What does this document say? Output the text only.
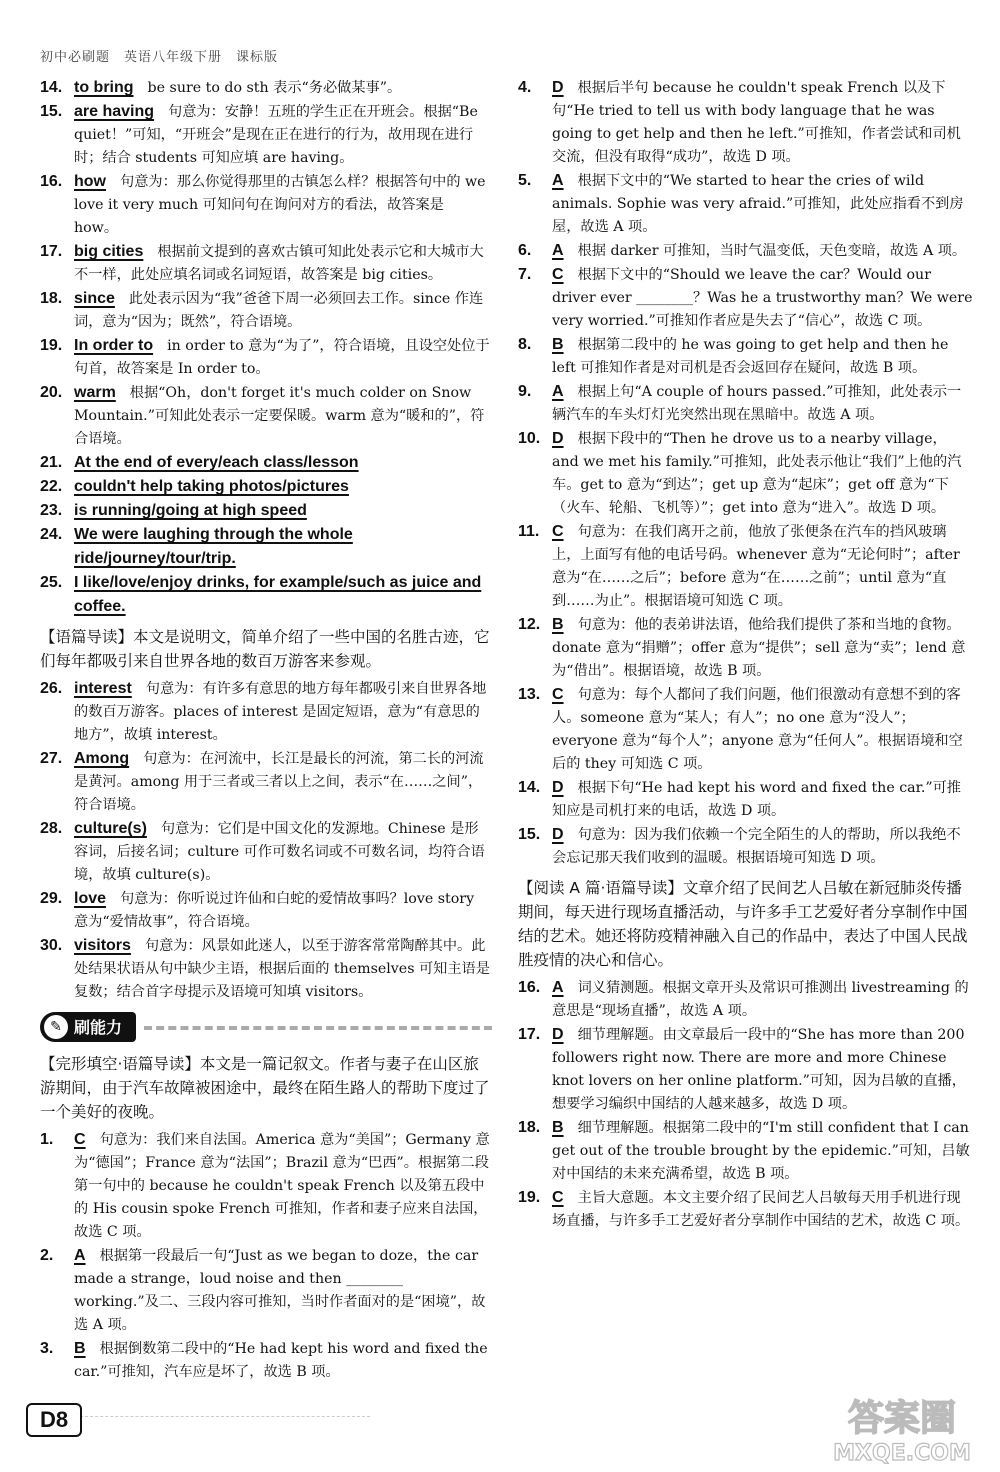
初中必刷题　英语八年级下册　课标版
14. to bring be sure to do sth 表示“务必做某事”。
15. are having 句意为：安静！五班的学生正在开班会。根据“Be quiet！”可知，“开班会”是现在正在进行的行为，故用现在进行时；结合 students 可知应填 are having。
16. how 句意为：那么你觉得那里的古镇怎么样？根据答句中的 we love it very much 可知问句在询问对方的看法，故答案是 how。
17. big cities 根据前文提到的喜欢古镇可知此处表示它和大城市大不一样，此处应填名词或名词短语，故答案是 big cities。
18. since 此处表示因为“我”爸爸下周一必须回去工作。since 作连词，意为“因为；既然”，符合语境。
19. In order to in order to 意为“为了”，符合语境，且设空处位于句首，故答案是 In order to。
20. warm 根据“Oh，don't forget it's much colder on Snow Mountain.”可知此处表示一定要保暖。warm 意为“暖和的”，符合语境。
21. At the end of every/each class/lesson
22. couldn't help taking photos/pictures
23. is running/going at high speed
24. We were laughing through the whole ride/journey/tour/trip.
25. I like/love/enjoy drinks, for example/such as juice and coffee.
【语篇导读】本文是说明文，简单介绍了一些中国的名胜古迹，它们每年都吸引来自世界各地的数百万游客来参观。
26. interest 句意为：有许多有意思的地方每年都吸引来自世界各地的数百万游客。places of interest 是固定短语，意为“有意思的地方”，故填 interest。
27. Among 句意为：在河流中，长江是最长的河流，第二长的河流是黄河。among 用于三者或三者以上之间，表示“在……之间”，符合语境。
28. culture(s) 句意为：它们是中国文化的发源地。Chinese 是形容词，后接名词；culture 可作可数名词或不可数名词，均符合语境，故填 culture(s)。
29. love 句意为：你听说过许仙和白蛇的爱情故事吗？love story 意为“爱情故事”，符合语境。
30. visitors 句意为：风景如此迷人，以至于游客常常陶醉其中。此处结果状语从句中缺少主语，根据后面的 themselves 可知主语是复数；结合首字母提示及语境可知填 visitors。
✎ 刷能力
【完形填空·语篇导读】本文是一篇记叙文。作者与妻子在山区旅游期间，由于汽车故障被困途中，最终在陌生路人的帮助下度过了一个美好的夜晚。
1. C 句意为：我们来自法国。America 意为“美国”；Germany 意为“德国”；France 意为“法国”；Brazil 意为“巴西”。根据第二段第一句中的 because he couldn't speak French 以及第五段中的 His cousin spoke French 可推知，作者和妻子应来自法国，故选 C 项。
2. A 根据第一段最后一句“Just as we began to doze，the car made a strange，loud noise and then ________ working.”及二、三段内容可推知，当时作者面对的是“困境”，故选 A 项。
3. B 根据倒数第二段中的“He had kept his word and fixed the car.”可推知，汽车应是坏了，故选 B 项。
4. D 根据后半句 because he couldn't speak French 以及下句“He tried to tell us with body language that he was going to get help and then he left.”可推知，作者尝试和司机交流，但没有取得“成功”，故选 D 项。
5. A 根据下文中的“We started to hear the cries of wild animals. Sophie was very afraid.”可推知，此处应指看不到房屋，故选 A 项。
6. A 根据 darker 可推知，当时气温变低，天色变暗，故选 A 项。
7. C 根据下文中的“Should we leave the car？Would our driver ever ________？Was he a trustworthy man？We were very worried.”可推知作者应是失去了“信心”，故选 C 项。
8. B 根据第二段中的 he was going to get help and then he left 可推知作者是对司机是否会返回存在疑问，故选 B 项。
9. A 根据上句“A couple of hours passed.”可推知，此处表示一辆汽车的车头灯灯光突然出现在黑暗中。故选 A 项。
10. D 根据下段中的“Then he drove us to a nearby village，and we met his family.”可推知，此处表示他让“我们”上他的汽车。get to 意为“到达”；get up 意为“起床”；get off 意为“下（火车、轮船、飞机等）”；get into 意为“进入”。故选 D 项。
11. C 句意为：在我们离开之前，他放了张便条在汽车的挡风玻璃上，上面写有他的电话号码。whenever 意为“无论何时”；after 意为“在……之后”；before 意为“在……之前”；until 意为“直到……为止”。根据语境可知选 C 项。
12. B 句意为：他的表弟讲法语，他给我们提供了茶和当地的食物。donate 意为“捐赠”；offer 意为“提供”；sell 意为“卖”；lend 意为“借出”。根据语境，故选 B 项。
13. C 句意为：每个人都问了我们问题，他们很激动有意想不到的客人。someone 意为“某人；有人”；no one 意为“没人”；everyone 意为“每个人”；anyone 意为“任何人”。根据语境和空后的 they 可知选 C 项。
14. D 根据下句“He had kept his word and fixed the car.”可推知应是司机打来的电话，故选 D 项。
15. D 句意为：因为我们依赖一个完全陌生的人的帮助，所以我绝不会忘记那天我们收到的温暖。根据语境可知选 D 项。
【阅读 A 篇·语篇导读】文章介绍了民间艺人吕敏在新冠肺炎传播期间，每天进行现场直播活动，与许多手工艺爱好者分享制作中国结的艺术。她还将防疫精神融入自己的作品中，表达了中国人民战胜疫情的决心和信心。
16. A 词义猜测题。根据文章开头及常识可推测出 livestreaming 的意思是“现场直播”，故选 A 项。
17. D 细节理解题。由文章最后一段中的“She has more than 200 followers right now. There are more and more Chinese knot lovers on her online platform.”可知，因为吕敏的直播，想要学习编织中国结的人越来越多，故选 D 项。
18. B 细节理解题。根据第二段中的“I'm still confident that I can get out of the trouble brought by the epidemic.”可知，吕敏对中国结的未来充满希望，故选 B 项。
19. C 主旨大意题。本文主要介绍了民间艺人吕敏每天用手机进行现场直播，与许多手工艺爱好者分享制作中国结的艺术，故选 C 项。
D8	答案圈
MXQE.COM
